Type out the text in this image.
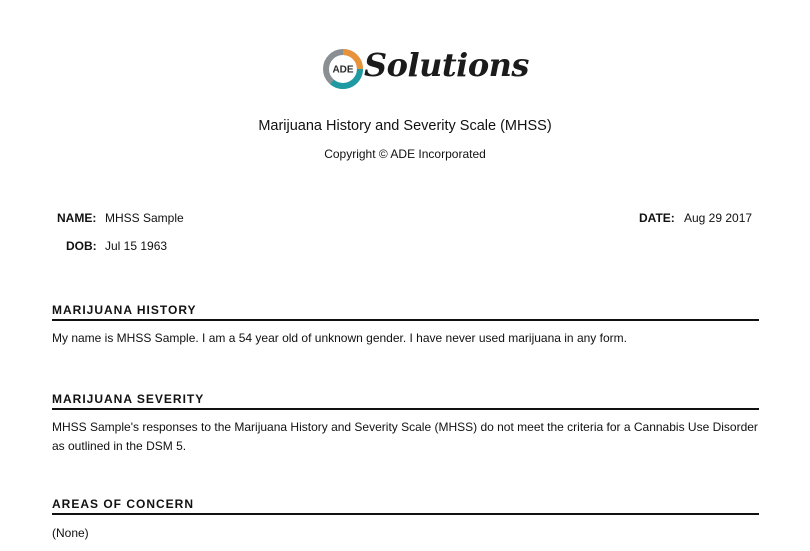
ADE Solutions
Marijuana History and Severity Scale (MHSS)
Copyright © ADE Incorporated
NAME: MHSS Sample
DOB: Jul 15 1963
DATE: Aug 29 2017
MARIJUANA HISTORY
My name is MHSS Sample. I am a 54 year old of unknown gender. I have never used marijuana in any form.
MARIJUANA SEVERITY
MHSS Sample's responses to the Marijuana History and Severity Scale (MHSS) do not meet the criteria for a Cannabis Use Disorder as outlined in the DSM 5.
AREAS OF CONCERN
(None)
